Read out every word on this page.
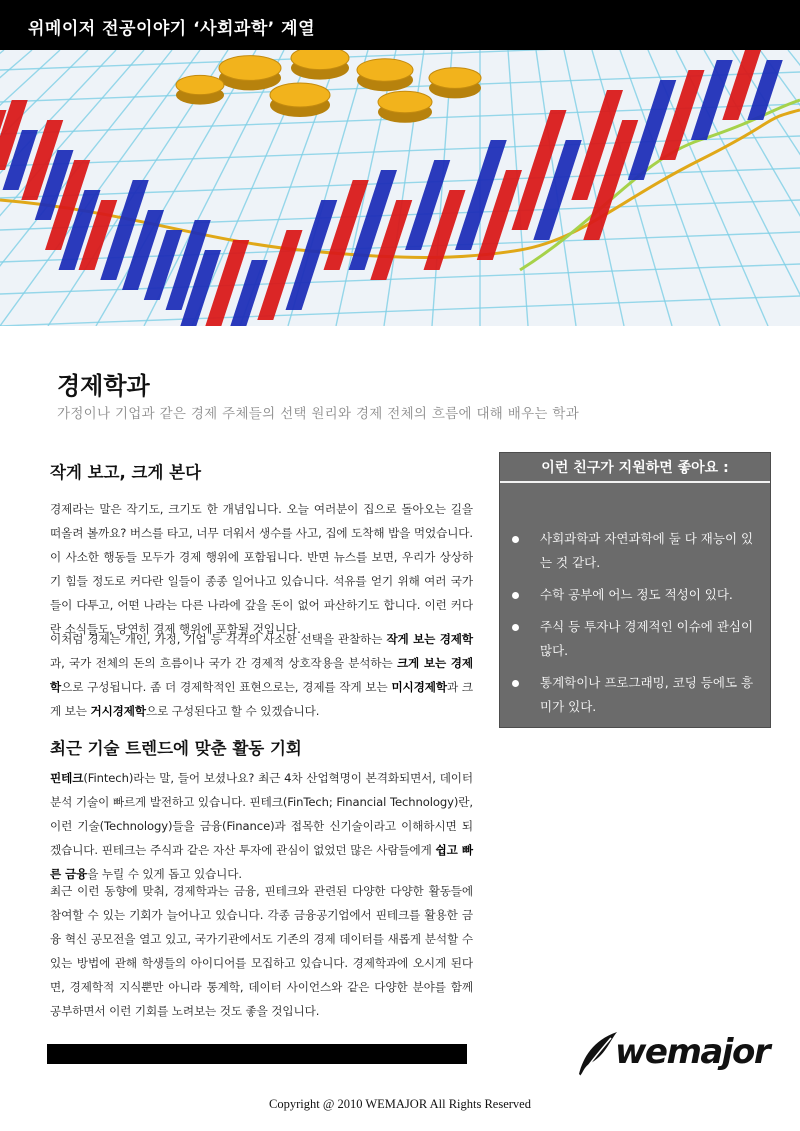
위메이저 전공이야기 ‘사회과학’ 계열
경제학과
가정이나 기업과 같은 경제 주체들의 선택 원리와 경제 전체의 흐름에 대해 배우는 학과
작게 보고, 크게 본다

경제라는 말은 작기도, 크기도 한 개념입니다. 오늘 여러분이 집으로 돌아오는 길을 떠올려 볼까요? 버스를 타고, 너무 더워서 생수를 사고, 집에 도착해 밥을 먹었습니다. 이 사소한 행동들 모두가 경제 행위에 포함됩니다. 반면 뉴스를 보면, 우리가 상상하기 힘들 정도로 커다란 일들이 종종 일어나고 있습니다. 석유를 얻기 위해 여러 국가들이 다투고, 어떤 나라는 다른 나라에 갚을 돈이 없어 파산하기도 합니다. 이런 커다란 소식들도, 당연히 경제 행위에 포함될 것입니다.

이처럼 경제는 개인, 가정, 기업 등 각각의 사소한 선택을 관찰하는 작게 보는 경제학과, 국가 전체의 돈의 흐름이나 국가 간 경제적 상호작용을 분석하는 크게 보는 경제학으로 구성됩니다. 좀 더 경제학적인 표현으로는, 경제를 작게 보는 미시경제학과 크게 보는 거시경제학으로 구성된다고 할 수 있겠습니다.

최근 기술 트렌드에 맞춘 활동 기회

핀테크(Fintech)라는 말, 들어 보셨나요? 최근 4차 산업혁명이 본격화되면서, 데이터 분석 기술이 빠르게 발전하고 있습니다. 핀테크(FinTech; Financial Technology)란, 이런 기술(Technology)들을 금융(Finance)과 접목한 신기술이라고 이해하시면 되겠습니다. 핀테크는 주식과 같은 자산 투자에 관심이 없었던 많은 사람들에게 쉽고 빠른 금융을 누릴 수 있게 돕고 있습니다.

최근 이런 동향에 맞춰, 경제학과는 금융, 핀테크와 관련된 다양한 다양한 활동들에 참여할 수 있는 기회가 늘어나고 있습니다. 각종 금융공기업에서 핀테크를 활용한 금융 혁신 공모전을 열고 있고, 국가기관에서도 기존의 경제 데이터를 새롭게 분석할 수 있는 방법에 관해 학생들의 아이디어를 모집하고 있습니다. 경제학과에 오시게 된다면, 경제학적 지식뿐만 아니라 통계학, 데이터 사이언스와 같은 다양한 분야를 함께 공부하면서 이런 기회를 노려보는 것도 좋을 것입니다.

이런 친구가 지원하면 좋아요 :
사회과학과 자연과학에 둘 다 재능이 있는 것 같다.
수학 공부에 어느 정도 적성이 있다.
주식 등 투자나 경제적인 이슈에 관심이 많다.
통계학이나 프로그래밍, 코딩 등에도 흥미가 있다.
wemajor
Copyright @ 2010 WEMAJOR All Rights Reserved
